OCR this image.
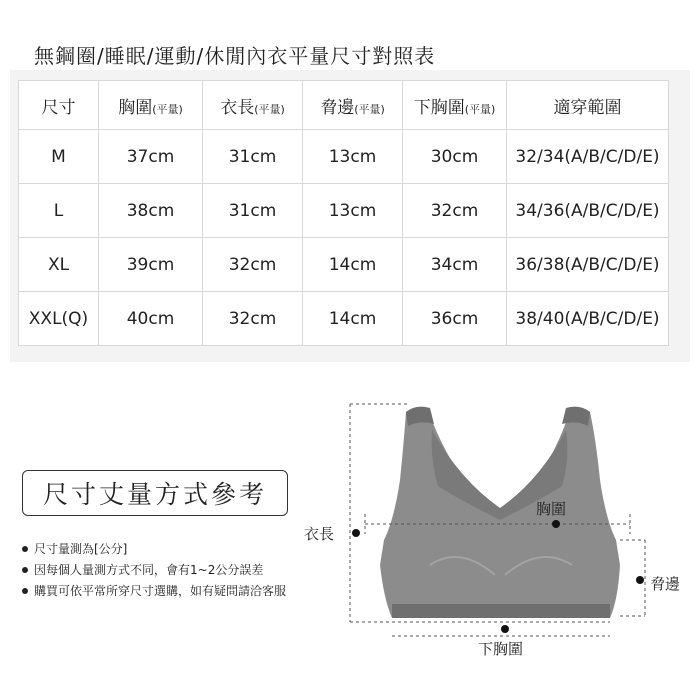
無鋼圈/睡眠/運動/休閒內衣平量尺寸對照表
尺寸	胸圍(平量)	衣長(平量)	脅邊(平量)	下胸圍(平量)	適穿範圍
M	37cm	31cm	13cm	30cm	32/34(A/B/C/D/E)
L	38cm	31cm	13cm	32cm	34/36(A/B/C/D/E)
XL	39cm	32cm	14cm	34cm	36/38(A/B/C/D/E)
XXL(Q)	40cm	32cm	14cm	36cm	38/40(A/B/C/D/E)
尺寸丈量方式參考
尺寸量測為[公分]
因每個人量測方式不同，會有1~2公分誤差
購買可依平常所穿尺寸選購，如有疑問請洽客服
衣長
胸圍
脅邊
下胸圍
